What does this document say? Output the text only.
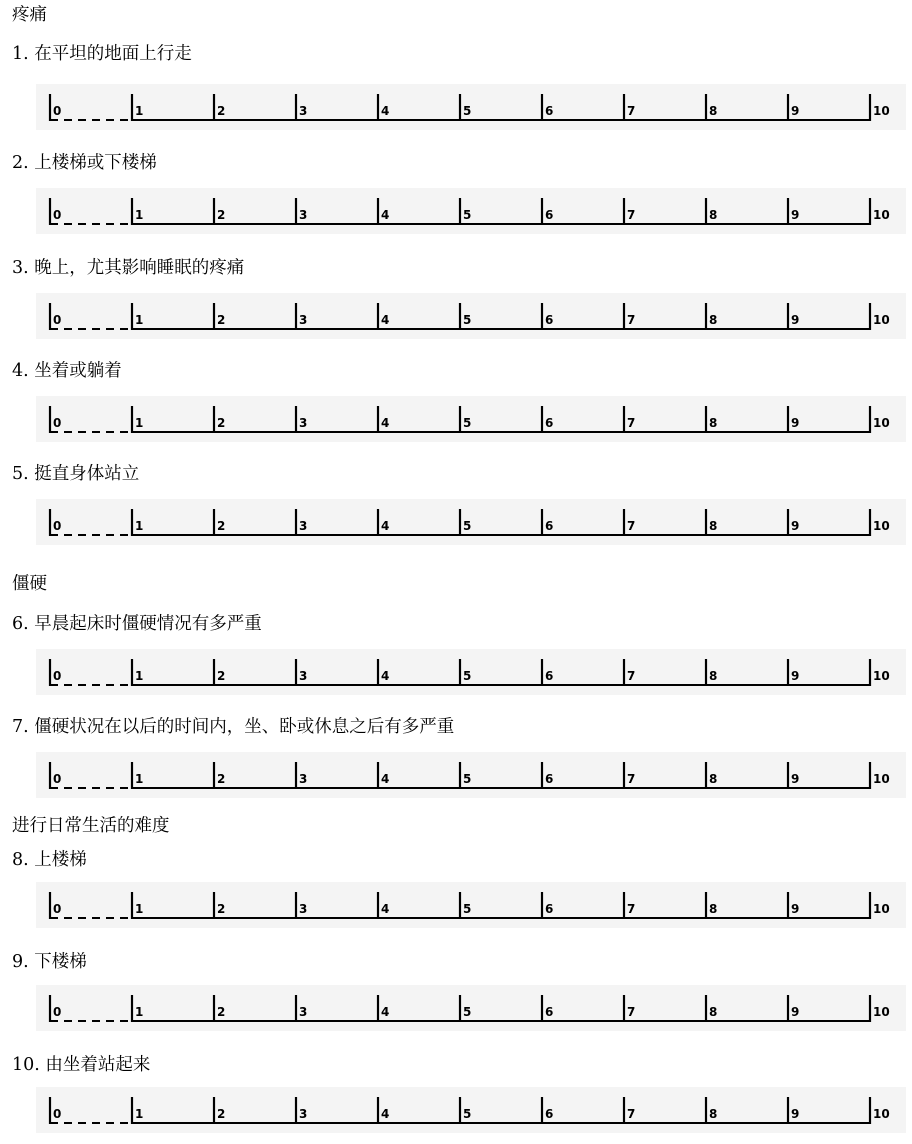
疼痛
僵硬
进行日常生活的难度
1. 在平坦的地面上行走
0	1	2	3	4	5	6	7	8	9	10
2. 上楼梯或下楼梯
0	1	2	3	4	5	6	7	8	9	10
3. 晚上，尤其影响睡眠的疼痛
0	1	2	3	4	5	6	7	8	9	10
4. 坐着或躺着
0	1	2	3	4	5	6	7	8	9	10
5. 挺直身体站立
0	1	2	3	4	5	6	7	8	9	10
6. 早晨起床时僵硬情况有多严重
0	1	2	3	4	5	6	7	8	9	10
7. 僵硬状况在以后的时间内，坐、卧或休息之后有多严重
0	1	2	3	4	5	6	7	8	9	10
8. 上楼梯
0	1	2	3	4	5	6	7	8	9	10
9. 下楼梯
0	1	2	3	4	5	6	7	8	9	10
10. 由坐着站起来
0	1	2	3	4	5	6	7	8	9	10
